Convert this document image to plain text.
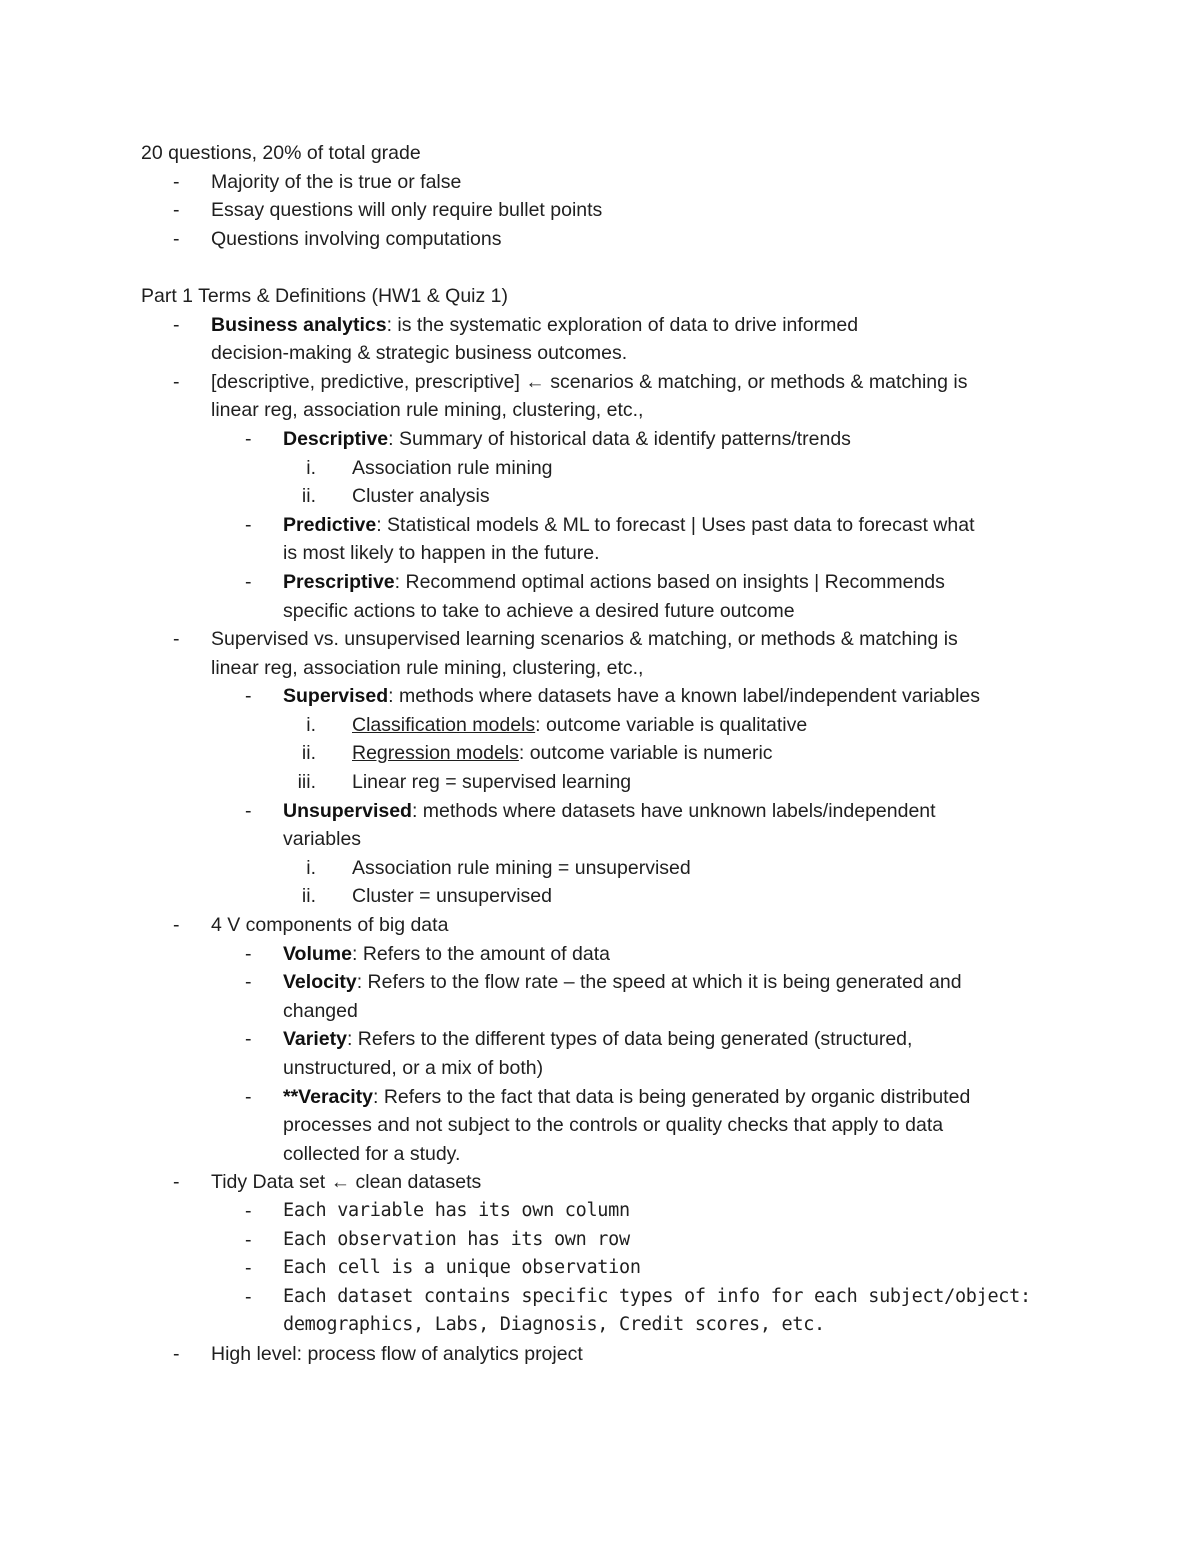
20 questions, 20% of total grade
- Majority of the is true or false
- Essay questions will only require bullet points
- Questions involving computations
Part 1 Terms & Definitions (HW1 & Quiz 1)
- Business analytics: is the systematic exploration of data to drive informed
decision-making & strategic business outcomes.
- [descriptive, predictive, prescriptive] ← scenarios & matching, or methods & matching is
linear reg, association rule mining, clustering, etc.,
- Descriptive: Summary of historical data & identify patterns/trends
i. Association rule mining
ii. Cluster analysis
- Predictive: Statistical models & ML to forecast | Uses past data to forecast what
is most likely to happen in the future.
- Prescriptive: Recommend optimal actions based on insights | Recommends
specific actions to take to achieve a desired future outcome
- Supervised vs. unsupervised learning scenarios & matching, or methods & matching is
linear reg, association rule mining, clustering, etc.,
- Supervised: methods where datasets have a known label/independent variables
i. Classification models: outcome variable is qualitative
ii. Regression models: outcome variable is numeric
iii. Linear reg = supervised learning
- Unsupervised: methods where datasets have unknown labels/independent
variables
i. Association rule mining = unsupervised
ii. Cluster = unsupervised
- 4 V components of big data
- Volume: Refers to the amount of data
- Velocity: Refers to the flow rate – the speed at which it is being generated and
changed
- Variety: Refers to the different types of data being generated (structured,
unstructured, or a mix of both)
- **Veracity: Refers to the fact that data is being generated by organic distributed
processes and not subject to the controls or quality checks that apply to data
collected for a study.
- Tidy Data set ← clean datasets
- Each variable has its own column
- Each observation has its own row
- Each cell is a unique observation
- Each dataset contains specific types of info for each subject/object:
demographics, Labs, Diagnosis, Credit scores, etc.
- High level: process flow of analytics project
